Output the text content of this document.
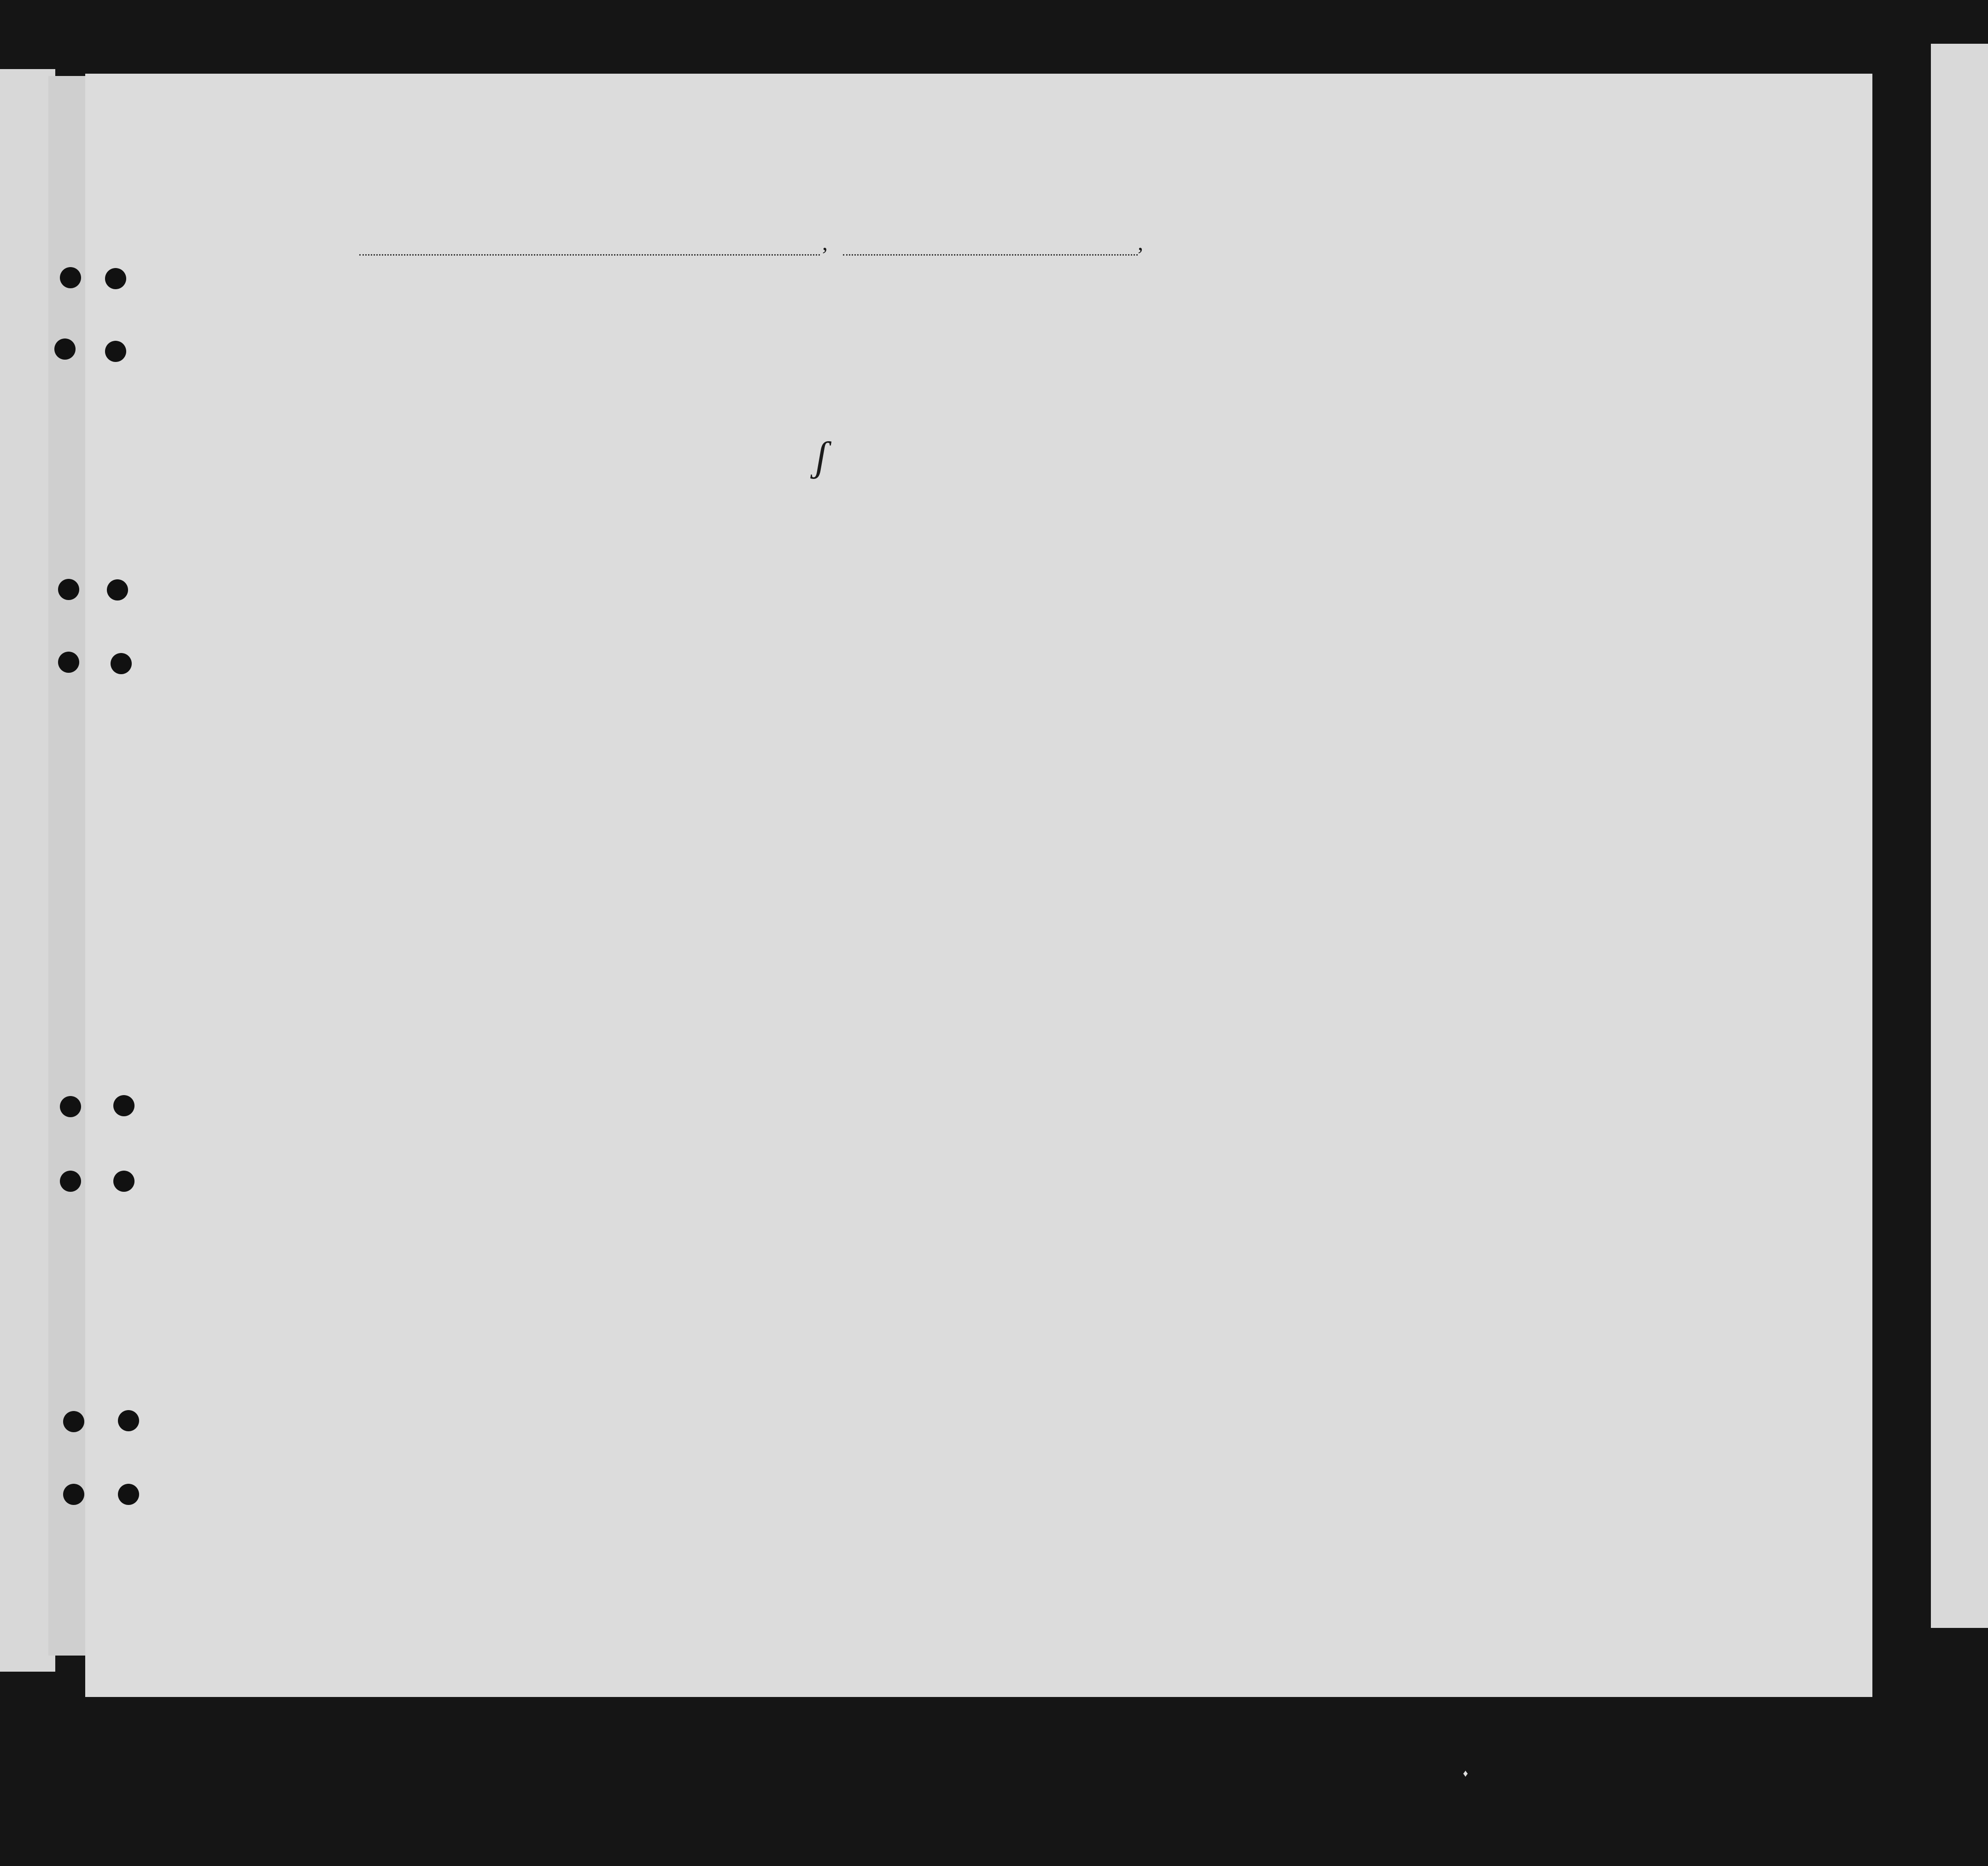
,	,
ʃ
♦
